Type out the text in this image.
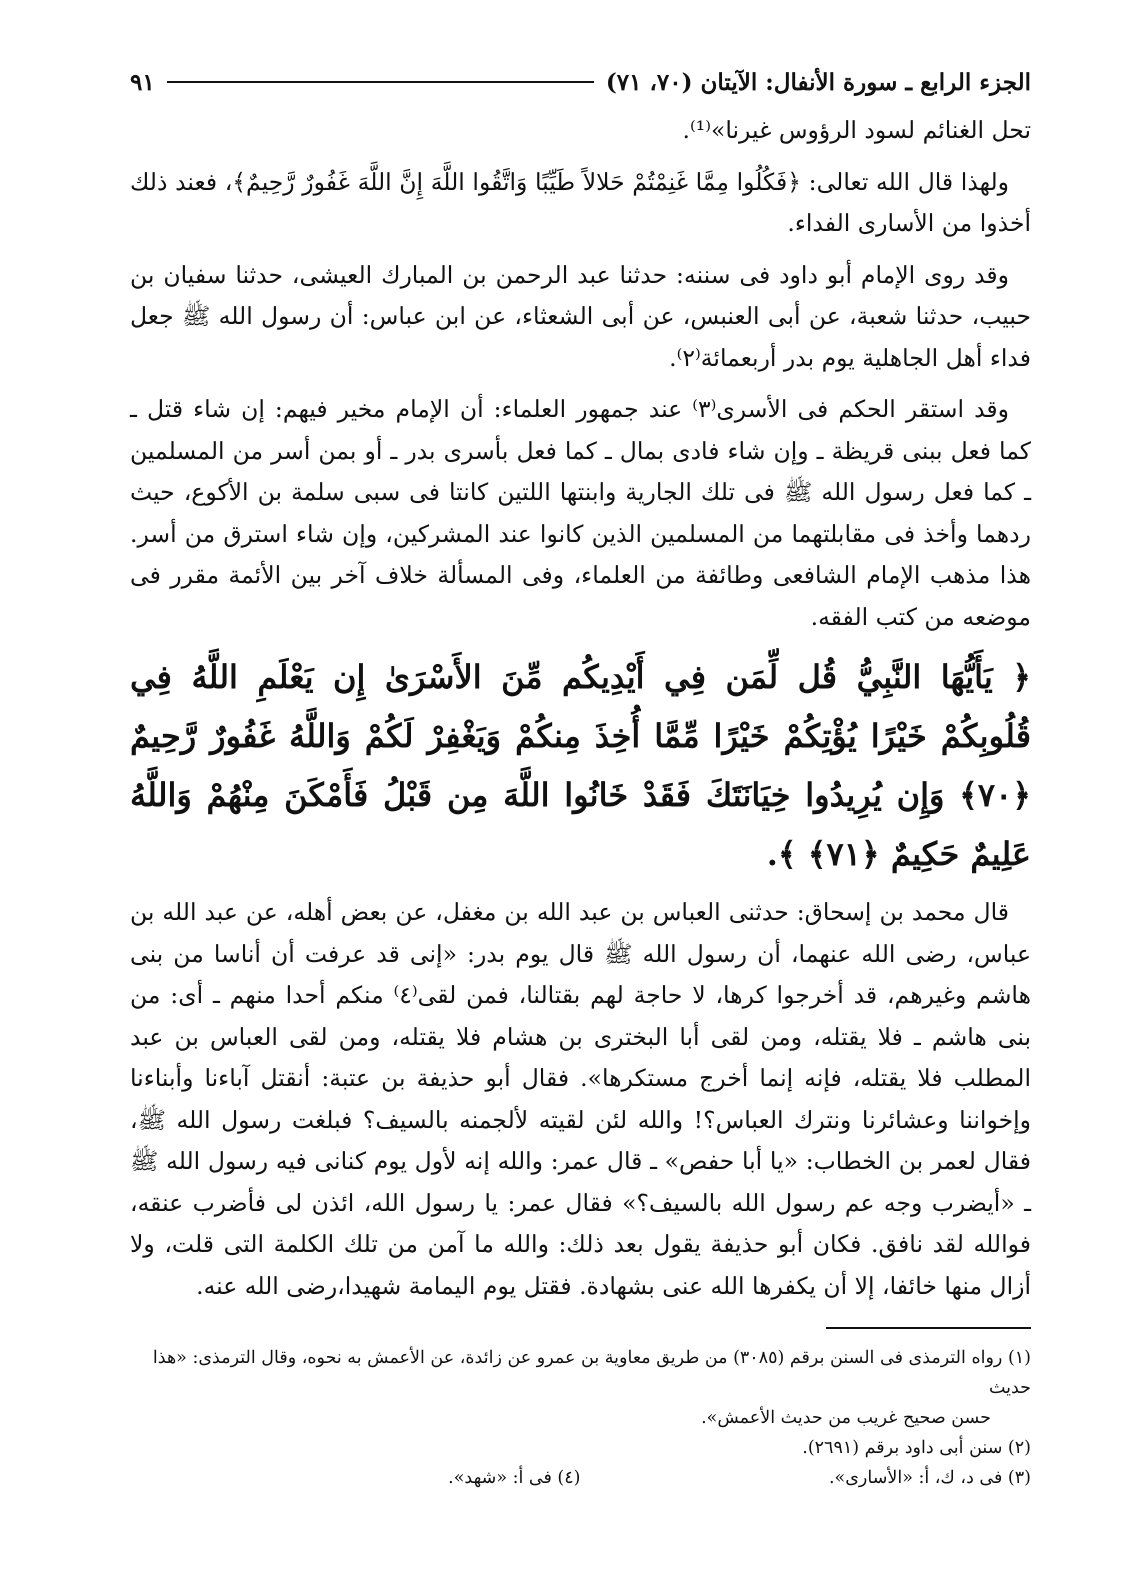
الجزء الرابع ـ سورة الأنفال: الآيتان (٧٠، ٧١)
٩١

تحل الغنائم لسود الرؤوس غيرنا»⁽¹⁾.

ولهذا قال الله تعالى: ﴿فَكُلُوا مِمَّا غَنِمْتُمْ حَلالاً طَيِّبًا وَاتَّقُوا اللَّهَ إِنَّ اللَّهَ غَفُورٌ رَّحِيمٌ﴾، فعند ذلك أخذوا من الأسارى الفداء.

وقد روى الإمام أبو داود فى سننه: حدثنا عبد الرحمن بن المبارك العيشى، حدثنا سفيان بن حبيب، حدثنا شعبة، عن أبى العنبس، عن أبى الشعثاء، عن ابن عباس: أن رسول الله ﷺ جعل فداء أهل الجاهلية يوم بدر أربعمائة⁽٢⁾.

وقد استقر الحكم فى الأسرى⁽٣⁾ عند جمهور العلماء: أن الإمام مخير فيهم: إن شاء قتل ـ كما فعل ببنى قريظة ـ وإن شاء فادى بمال ـ كما فعل بأسرى بدر ـ أو بمن أسر من المسلمين ـ كما فعل رسول الله ﷺ فى تلك الجارية وابنتها اللتين كانتا فى سبى سلمة بن الأكوع، حيث ردهما وأخذ فى مقابلتهما من المسلمين الذين كانوا عند المشركين، وإن شاء استرق من أسر. هذا مذهب الإمام الشافعى وطائفة من العلماء، وفى المسألة خلاف آخر بين الأئمة مقرر فى موضعه من كتب الفقه.

﴿ يَأَيُّهَا النَّبِيُّ قُل لِّمَن فِي أَيْدِيكُم مِّنَ الأَسْرَىٰ إِن يَعْلَمِ اللَّهُ فِي قُلُوبِكُمْ خَيْرًا يُؤْتِكُمْ خَيْرًا مِّمَّا أُخِذَ مِنكُمْ وَيَغْفِرْ لَكُمْ وَاللَّهُ غَفُورٌ رَّحِيمٌ ﴿٧٠﴾ وَإِن يُرِيدُوا خِيَانَتَكَ فَقَدْ خَانُوا اللَّهَ مِن قَبْلُ فَأَمْكَنَ مِنْهُمْ وَاللَّهُ عَلِيمٌ حَكِيمٌ ﴿٧١﴾ ﴾.

قال محمد بن إسحاق: حدثنى العباس بن عبد الله بن مغفل، عن بعض أهله، عن عبد الله بن عباس، رضى الله عنهما، أن رسول الله ﷺ قال يوم بدر: «إنى قد عرفت أن أناسا من بنى هاشم وغيرهم، قد أخرجوا كرها، لا حاجة لهم بقتالنا، فمن لقى⁽٤⁾ منكم أحدا منهم ـ أى: من بنى هاشم ـ فلا يقتله، ومن لقى أبا البخترى بن هشام فلا يقتله، ومن لقى العباس بن عبد المطلب فلا يقتله، فإنه إنما أخرج مستكرها». فقال أبو حذيفة بن عتبة: أنقتل آباءنا وأبناءنا وإخواننا وعشائرنا ونترك العباس؟! والله لئن لقيته لألجمنه بالسيف؟ فبلغت رسول الله ﷺ، فقال لعمر بن الخطاب: «يا أبا حفص» ـ قال عمر: والله إنه لأول يوم كنانى فيه رسول الله ﷺ ـ «أيضرب وجه عم رسول الله بالسيف؟» فقال عمر: يا رسول الله، ائذن لى فأضرب عنقه، فوالله لقد نافق. فكان أبو حذيفة يقول بعد ذلك: والله ما آمن من تلك الكلمة التى قلت، ولا أزال منها خائفا، إلا أن يكفرها الله عنى بشهادة. فقتل يوم اليمامة شهيدا،رضى الله عنه.

(١) رواه الترمذى فى السنن برقم (٣٠٨٥) من طريق معاوية بن عمرو عن زائدة، عن الأعمش به نحوه، وقال الترمذى: «هذا حديث

حسن صحيح غريب من حديث الأعمش».

(٢) سنن أبى داود برقم (٢٦٩١).

(٣) فى د، ك، أ: «الأسارى».

(٤) فى أ: «شهد».
